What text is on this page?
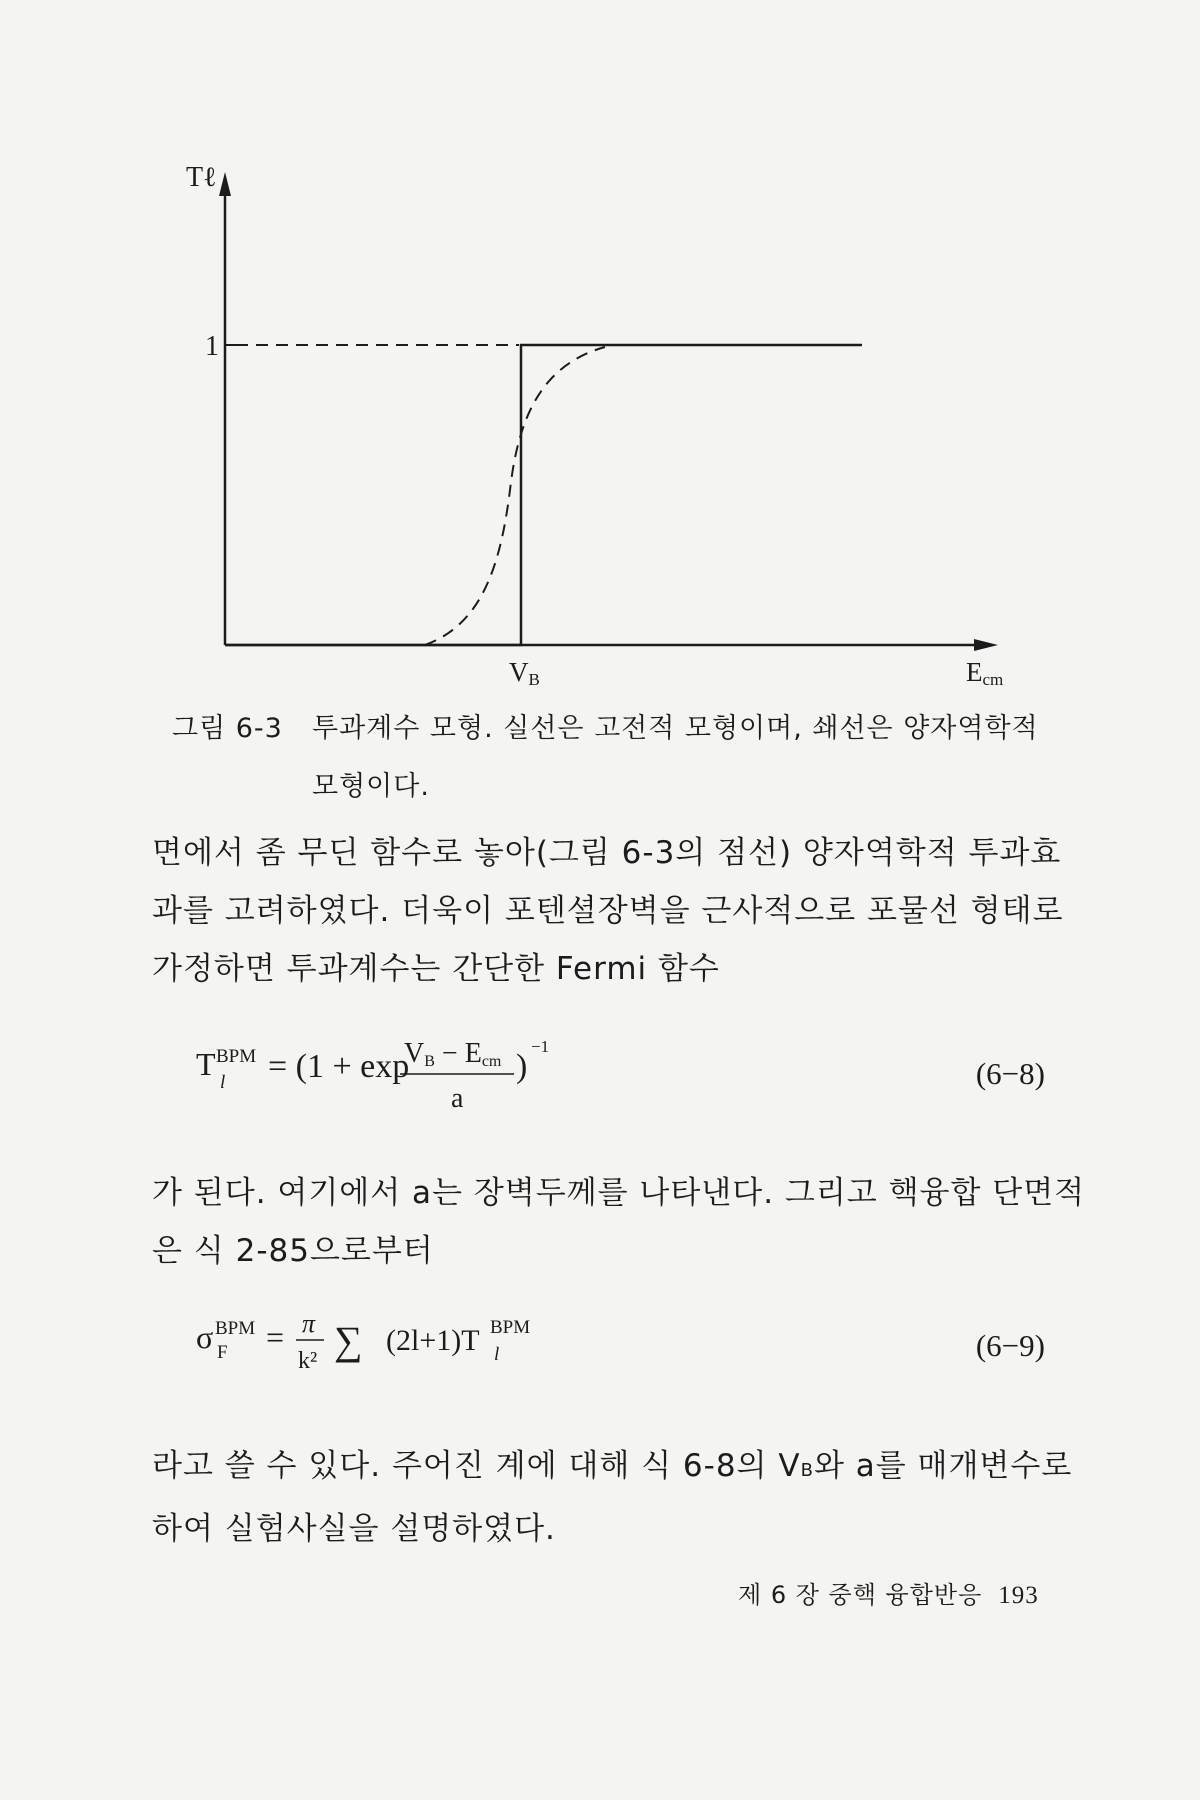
Tℓ
1
VB	Ecm
그림 6-3 투과계수 모형. 실선은 고전적 모형이며, 쇄선은 양자역학적
모형이다.
면에서 좀 무딘 함수로 놓아(그림 6-3의 점선) 양자역학적 투과효
과를 고려하였다. 더욱이 포텐셜장벽을 근사적으로 포물선 형태로
가정하면 투과계수는 간단한 Fermi 함수
T BPM
l = (1 + exp
VB − Ecm
a
)
−1
(6−8)
가 된다. 여기에서 a는 장벽두께를 나타낸다. 그리고 핵융합 단면적
은 식 2-85으로부터
σ BPM
F = π
k² ∑ (2l+1)T BPM
l	(6−9)
라고 쓸 수 있다. 주어진 계에 대해 식 6-8의 VB와 a를 매개변수로
하여 실험사실을 설명하였다.
제 6 장 중핵 융합반응 193
